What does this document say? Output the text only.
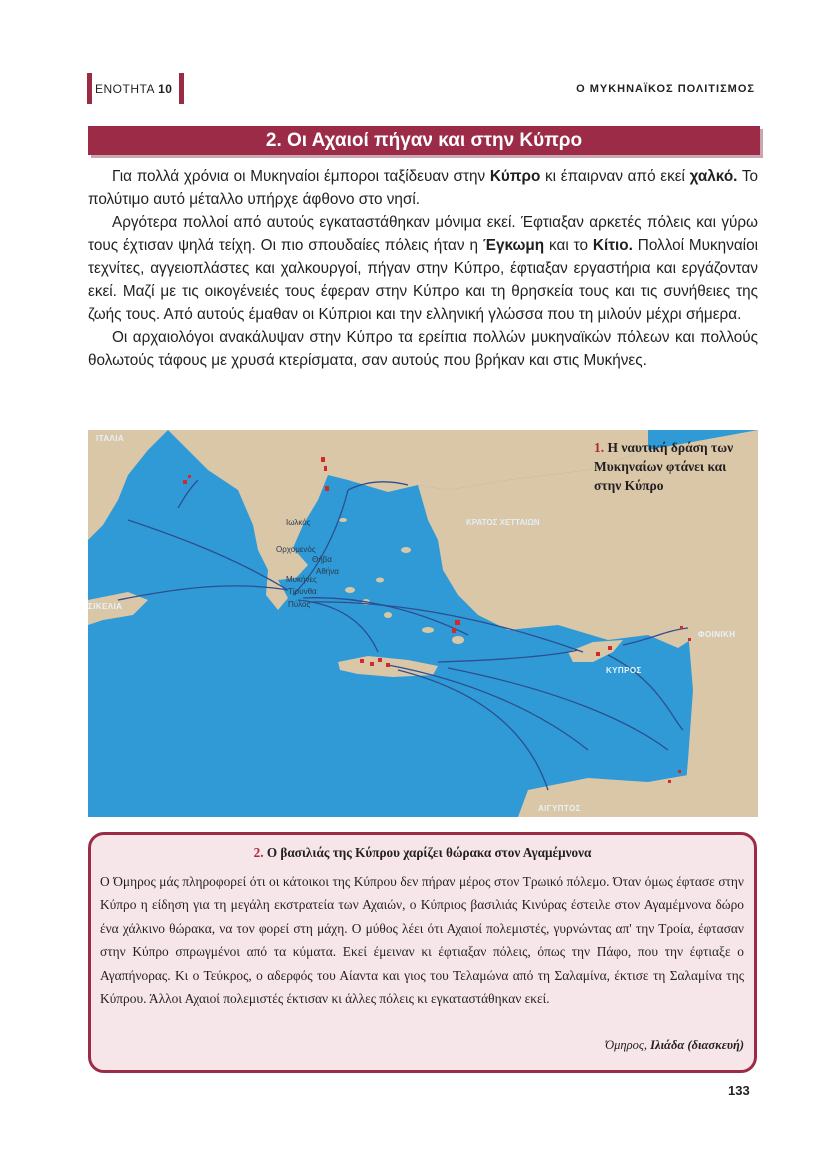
ΕΝΟΤΗΤΑ 10	Ο ΜΥΚΗΝΑΪΚΟΣ ΠΟΛΙΤΙΣΜΟΣ
2. Οι Αχαιοί πήγαν και στην Κύπρο

Για πολλά χρόνια οι Μυκηναίοι έμποροι ταξίδευαν στην Κύπρο κι έπαιρναν από εκεί χαλκό. Το πολύτιμο αυτό μέταλλο υπήρχε άφθονο στο νησί.

Αργότερα πολλοί από αυτούς εγκαταστάθηκαν μόνιμα εκεί. Έφτιαξαν αρκετές πόλεις και γύρω τους έχτισαν ψηλά τείχη. Οι πιο σπουδαίες πόλεις ήταν η Έγκωμη και το Κίτιο. Πολλοί Μυκηναίοι τεχνίτες, αγγειοπλάστες και χαλκουργοί, πήγαν στην Κύπρο, έφτιαξαν εργαστήρια και εργάζονταν εκεί. Μαζί με τις οικογένειές τους έφεραν στην Κύπρο και τη θρησκεία τους και τις συνήθειες της ζωής τους. Από αυτούς έμαθαν οι Κύπριοι και την ελληνική γλώσσα που τη μιλούν μέχρι σήμερα.

Οι αρχαιολόγοι ανακάλυψαν στην Κύπρο τα ερείπια πολλών μυκηναϊκών πόλεων και πολλούς θολωτούς τάφους με χρυσά κτερίσματα, σαν αυτούς που βρήκαν και στις Μυκήνες.

ΙΤΑΛΙΑ
ΣΙΚΕΛΙΑ
ΚΡΑΤΟΣ ΧΕΤΤΑΙΩΝ
ΦΟΙΝΙΚΗ
ΚΥΠΡΟΣ
ΑΙΓΥΠΤΟΣ
Ιωλκός
Ορχομενός
Θήβα
Αθήνα
Μυκήνες
Τίρυνθα
Πύλος
1. Η ναυτική δράση των Μυκηναίων φτάνει και στην Κύπρο
2. Ο βασιλιάς της Κύπρου χαρίζει θώρακα στον Αγαμέμνονα
Ο Όμηρος μάς πληροφορεί ότι οι κάτοικοι της Κύπρου δεν πήραν μέρος στον Τρωικό πόλεμο. Όταν όμως έφτασε στην Κύπρο η είδηση για τη μεγάλη εκστρατεία των Αχαιών, ο Κύπριος βασιλιάς Κινύρας έστειλε στον Αγαμέμνονα δώρο ένα χάλκινο θώρακα, να τον φορεί στη μάχη. Ο μύθος λέει ότι Αχαιοί πολεμιστές, γυρνώντας απ' την Τροία, έφτασαν στην Κύπρο σπρωγμένοι από τα κύματα. Εκεί έμειναν κι έφτιαξαν πόλεις, όπως την Πάφο, που την έφτιαξε ο Αγαπήνορας. Κι ο Τεύκρος, ο αδερφός του Αίαντα και γιος του Τελαμώνα από τη Σαλαμίνα, έκτισε τη Σαλαμίνα της Κύπρου. Άλλοι Αχαιοί πολεμιστές έκτισαν κι άλλες πόλεις κι εγκαταστάθηκαν εκεί.
Όμηρος, Ιλιάδα (διασκευή)
133
